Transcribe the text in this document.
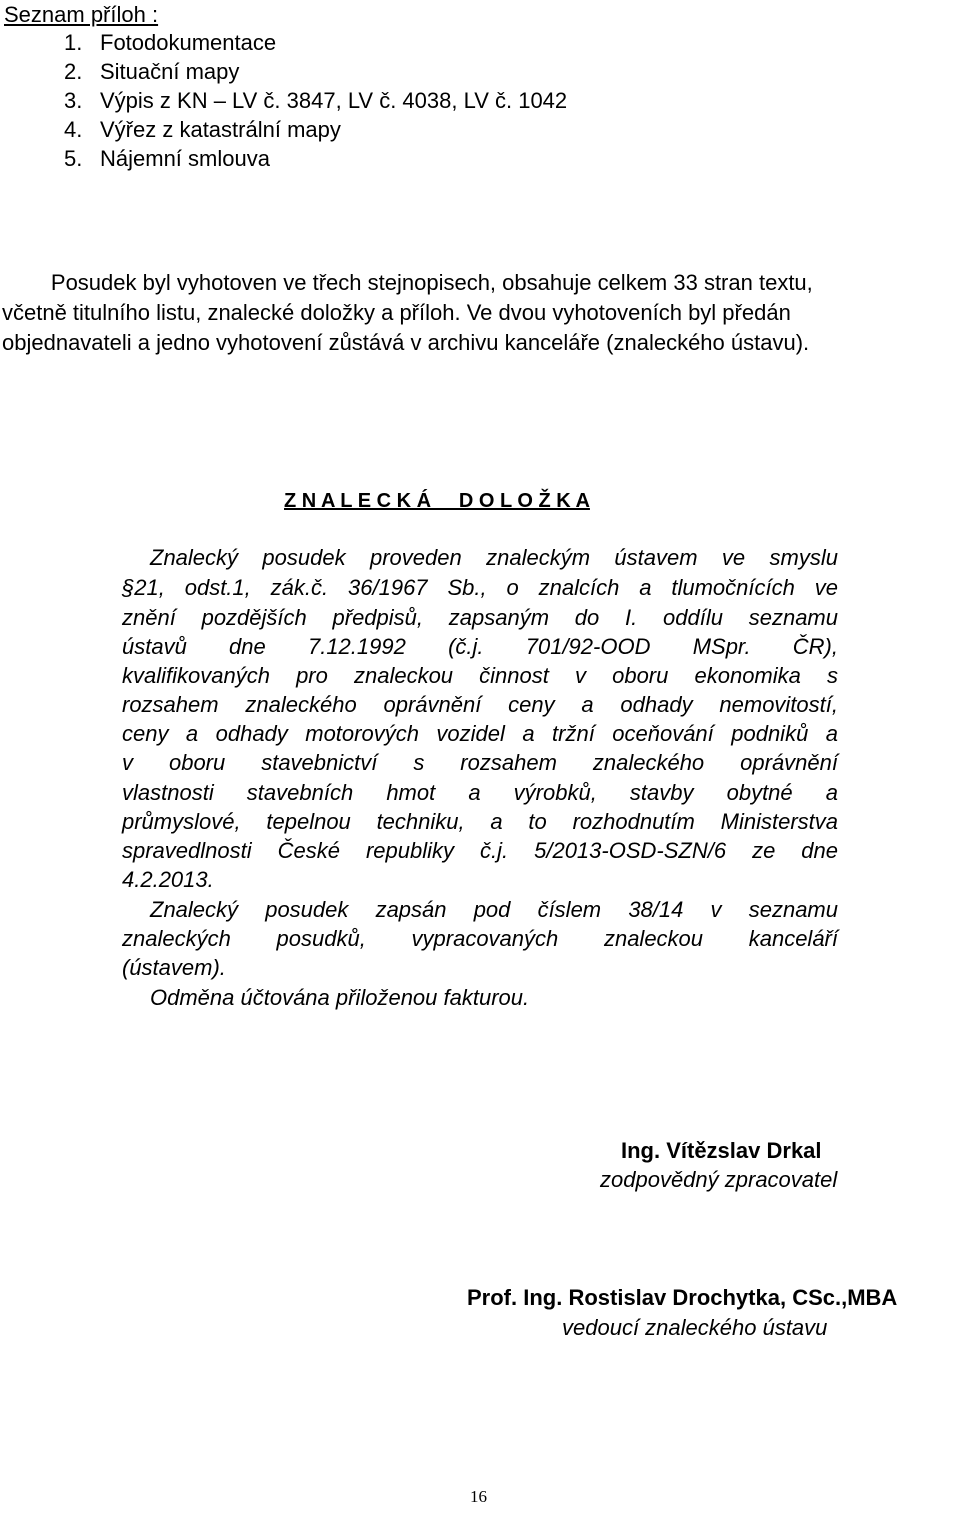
Seznam příloh :
1. Fotodokumentace
2. Situační mapy
3. Výpis z KN – LV č. 3847, LV č. 4038, LV č. 1042
4. Výřez z katastrální mapy
5. Nájemní smlouva
Posudek byl vyhotoven ve třech stejnopisech, obsahuje celkem 33 stran textu,
včetně titulního listu, znalecké doložky a příloh. Ve dvou vyhotoveních byl předán
objednavateli a jedno vyhotovení zůstává v archivu kanceláře (znaleckého ústavu).
Z N A L E C K Á     D O L O Ž K A
Znalecký posudek proveden znaleckým ústavem ve smyslu
§21, odst.1, zák.č. 36/1967 Sb., o znalcích a tlumočnících ve
znění pozdějších předpisů, zapsaným do I. oddílu seznamu
ústavů dne 7.12.1992 (č.j. 701/92-OOD MSpr. ČR),
kvalifikovaných pro znaleckou činnost v oboru ekonomika s
rozsahem znaleckého oprávnění ceny a odhady nemovitostí,
ceny a odhady motorových vozidel a tržní oceňování podniků a
v oboru stavebnictví s rozsahem znaleckého oprávnění
vlastnosti stavebních hmot a výrobků, stavby obytné a
průmyslové, tepelnou techniku, a to rozhodnutím Ministerstva
spravedlnosti České republiky č.j. 5/2013-OSD-SZN/6 ze dne
4.2.2013.
Znalecký posudek zapsán pod číslem 38/14 v seznamu
znaleckých posudků, vypracovaných znaleckou kanceláří
(ústavem).
Odměna účtována přiloženou fakturou.
Ing. Vítězslav Drkal
zodpovědný zpracovatel
Prof. Ing. Rostislav Drochytka, CSc.,MBA
vedoucí znaleckého ústavu
16
